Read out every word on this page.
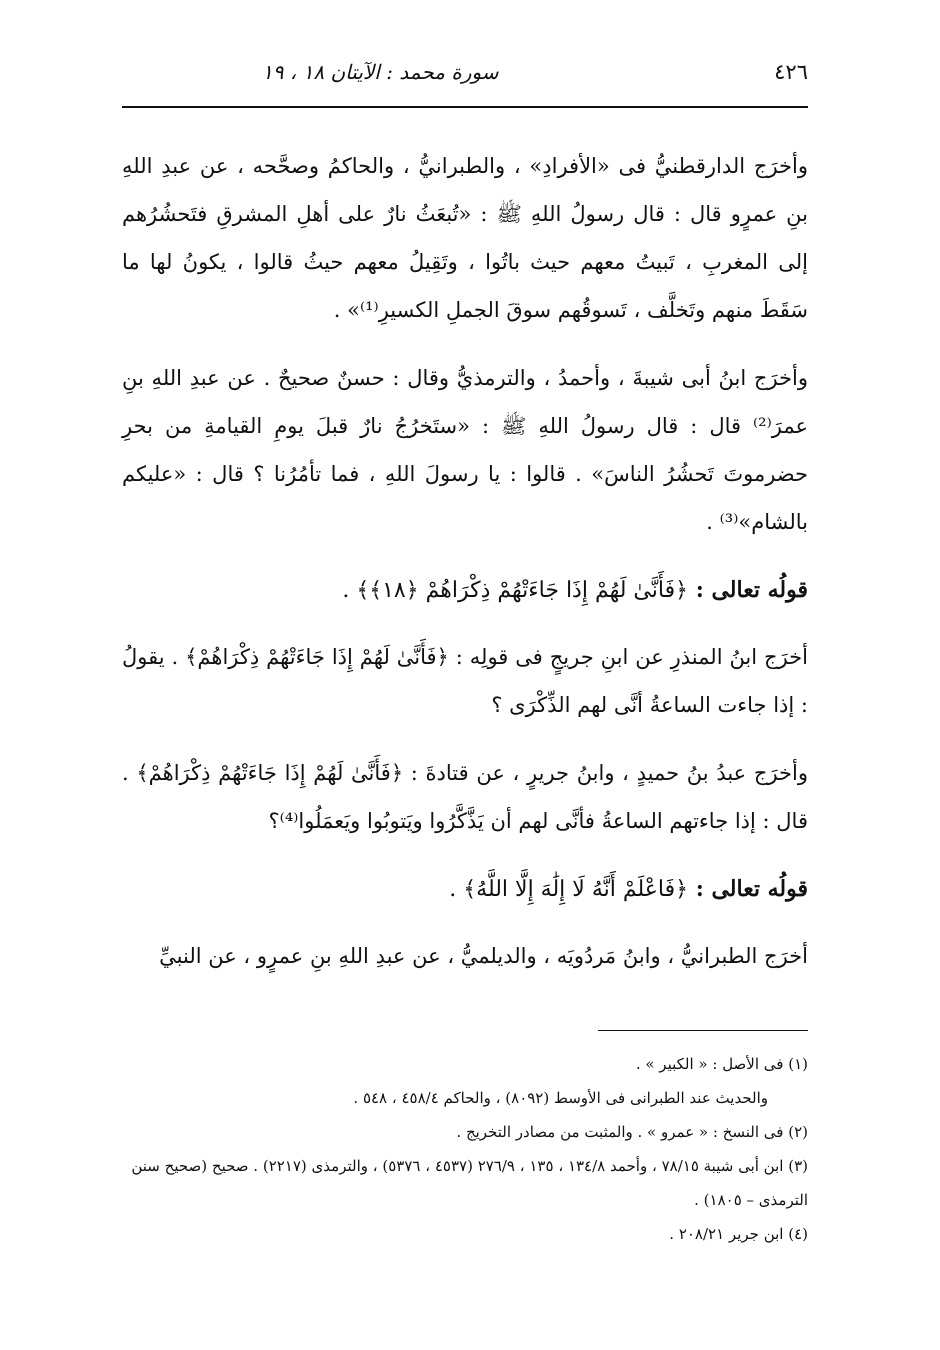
٤٢٦
سورة محمد : الآيتان ١٨ ، ١٩

وأخرَج الدارقطنيُّ فى «الأفرادِ» ، والطبرانيُّ ، والحاكمُ وصحَّحه ، عن عبدِ اللهِ بنِ عمرٍو قال : قال رسولُ اللهِ ﷺ : «تُبعَثُ نارٌ على أهلِ المشرقِ فتَحشُرُهم إلى المغربِ ، تَبيتُ معهم حيث باتُوا ، وتَقِيلُ معهم حيثُ قالوا ، يكونُ لها ما سَقَطَ منهم وتَخلَّف ، تَسوقُهم سوقَ الجملِ الكسيرِ⁽¹⁾» .

وأخرَج ابنُ أبى شيبةَ ، وأحمدُ ، والترمذيُّ وقال : حسنٌ صحيحٌ . عن عبدِ اللهِ بنِ عمرَ⁽²⁾ قال : قال رسولُ اللهِ ﷺ : «ستَخرُجُ نارٌ قبلَ يومِ القيامةِ من بحرِ حضرموتَ تَحشُرُ الناسَ» . قالوا : يا رسولَ اللهِ ، فما تأمُرُنا ؟ قال : «عليكم بالشام»⁽³⁾ .

قولُه تعالى : ﴿فَأَنَّىٰ لَهُمْ إِذَا جَاءَتْهُمْ ذِكْرَاهُمْ ﴿١٨﴾﴾ .

أخرَج ابنُ المنذرِ عن ابنِ جريجٍ فى قولِه : ﴿فَأَنَّىٰ لَهُمْ إِذَا جَاءَتْهُمْ ذِكْرَاهُمْ﴾ . يقولُ : إذا جاءت الساعةُ أنَّى لهم الذِّكْرَى ؟

وأخرَج عبدُ بنُ حميدٍ ، وابنُ جريرٍ ، عن قتادةَ : ﴿فَأَنَّىٰ لَهُمْ إِذَا جَاءَتْهُمْ ذِكْرَاهُمْ﴾ . قال : إذا جاءتهم الساعةُ فأنَّى لهم أن يَذَّكَّرُوا ويَتوبُوا ويَعمَلُوا⁽⁴⁾؟

قولُه تعالى : ﴿فَاعْلَمْ أَنَّهُ لَا إِلَٰهَ إِلَّا اللَّهُ﴾ .

أخرَج الطبرانيُّ ، وابنُ مَردُويَه ، والديلميُّ ، عن عبدِ اللهِ بنِ عمرٍو ، عن النبيِّ

(١) فى الأصل : « الكبير » .

والحديث عند الطبرانى فى الأوسط (٨٠٩٢) ، والحاكم ٤٥٨/٤ ، ٥٤٨ .

(٢) فى النسخ : « عمرو » . والمثبت من مصادر التخريج .

(٣) ابن أبى شيبة ٧٨/١٥ ، وأحمد ١٣٤/٨ ، ١٣٥ ، ٢٧٦/٩ (٤٥٣٧ ، ٥٣٧٦) ، والترمذى (٢٢١٧) . صحيح (صحيح سنن الترمذى – ١٨٠٥) .

(٤) ابن جرير ٢٠٨/٢١ .
